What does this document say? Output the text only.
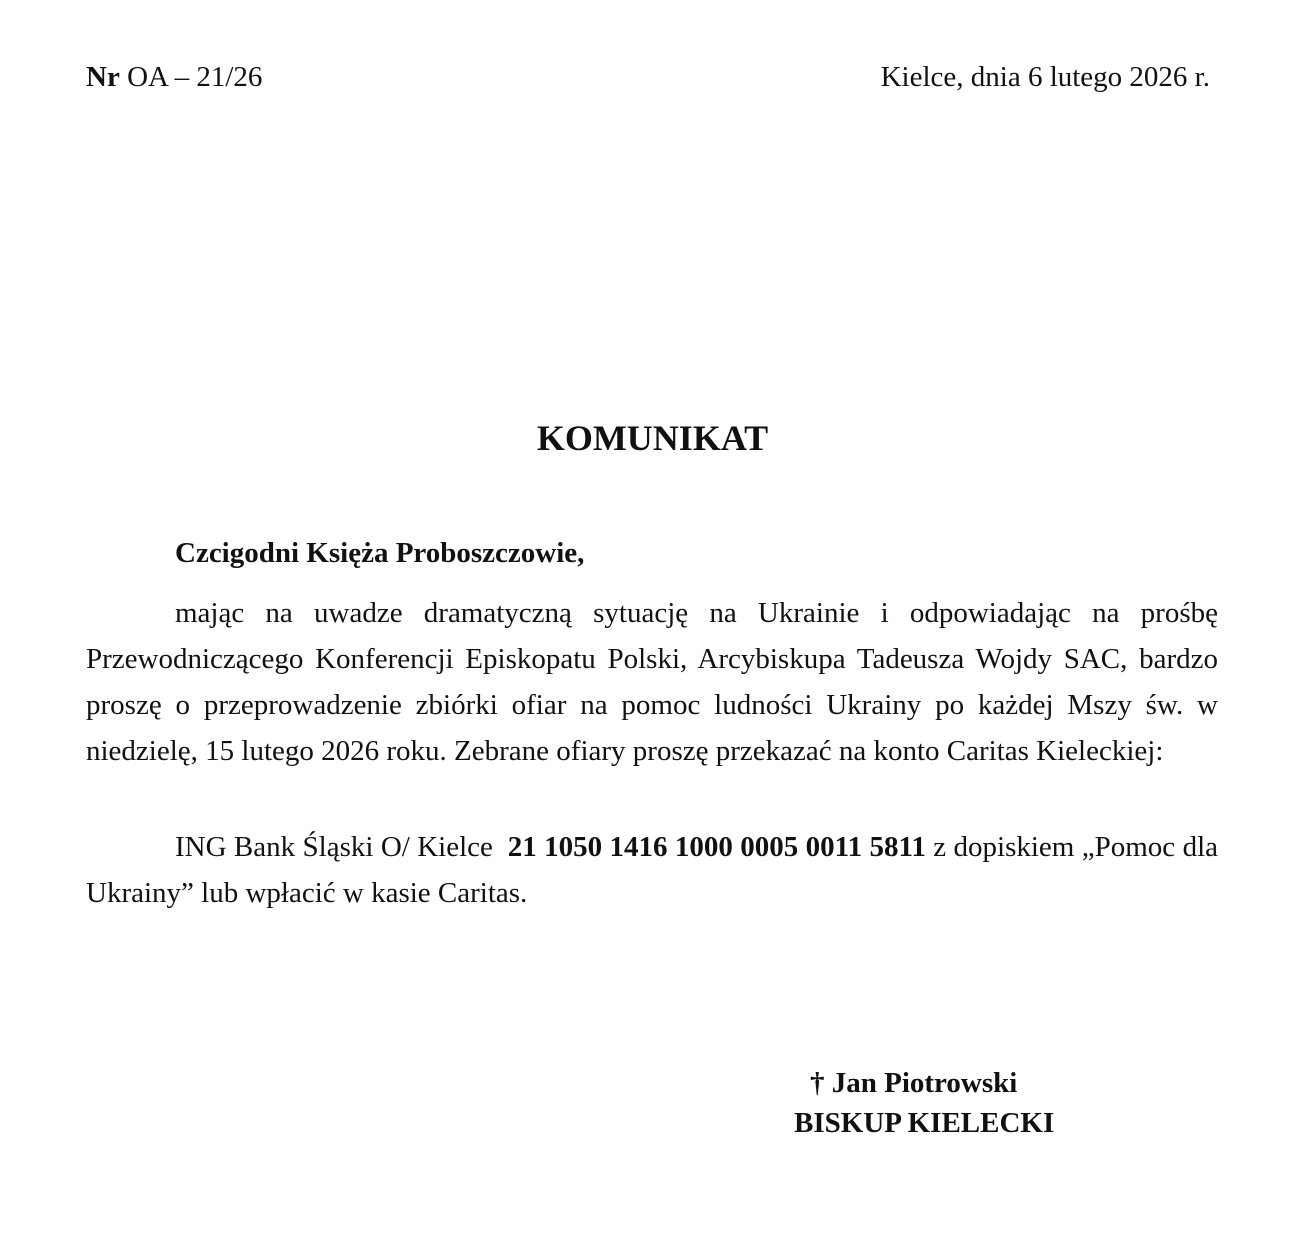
Nr OA – 21/26	Kielce, dnia 6 lutego 2026 r.
KOMUNIKAT
Czcigodni Księża Proboszczowie,

mając na uwadze dramatyczną sytuację na Ukrainie i odpowiadając na prośbę Przewodniczącego Konferencji Episkopatu Polski, Arcybiskupa Tadeusza Wojdy SAC, bardzo proszę o przeprowadzenie zbiórki ofiar na pomoc ludności Ukrainy po każdej Mszy św. w niedzielę, 15 lutego 2026 roku. Zebrane ofiary proszę przekazać na konto Caritas Kieleckiej:

ING Bank Śląski O/ Kielce 21 1050 1416 1000 0005 0011 5811 z dopiskiem „Pomoc dla Ukrainy” lub wpłacić w kasie Caritas.

† Jan Piotrowski
BISKUP KIELECKI
